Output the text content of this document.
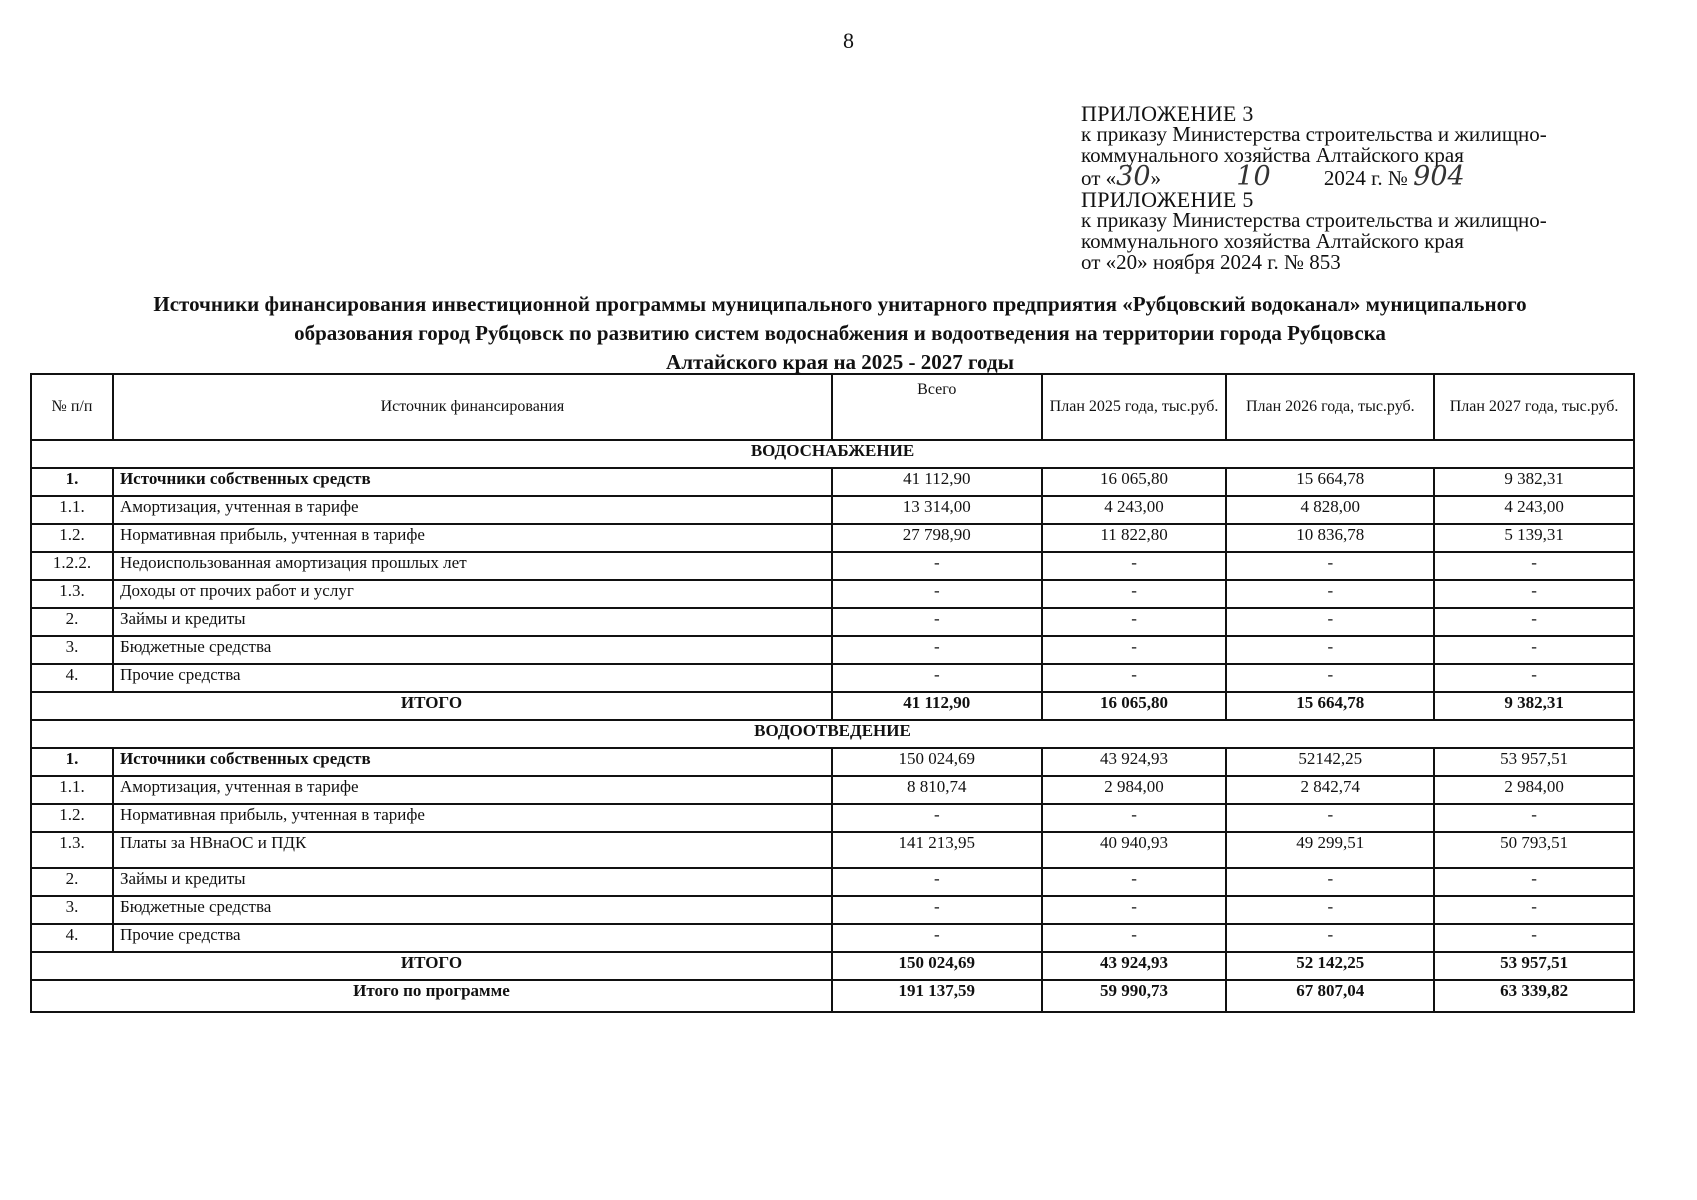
8
ПРИЛОЖЕНИЕ 3
к приказу Министерства строительства и жилищно-
коммунального хозяйства Алтайского края
от «30»	10	2024 г. № 904
ПРИЛОЖЕНИЕ 5
к приказу Министерства строительства и жилищно-
коммунального хозяйства Алтайского края
от «20» ноября 2024 г. № 853
Источники финансирования инвестиционной программы муниципального унитарного предприятия «Рубцовский водоканал» муниципального
образования город Рубцовск по развитию систем водоснабжения и водоотведения на территории города Рубцовска
Алтайского края на 2025 - 2027 годы
№ п/п	Источник финансирования	Всего	План 2025 года, тыс.руб.	План 2026 года, тыс.руб.	План 2027 года, тыс.руб.
ВОДОСНАБЖЕНИЕ					
1.	Источники собственных средств	41 112,90	16 065,80	15 664,78	9 382,31
1.1.	Амортизация, учтенная в тарифе	13 314,00	4 243,00	4 828,00	4 243,00
1.2.	Нормативная прибыль, учтенная в тарифе	27 798,90	11 822,80	10 836,78	5 139,31
1.2.2.	Недоиспользованная амортизация прошлых лет	-	-	-	-
1.3.	Доходы от прочих работ и услуг	-	-	-	-
2.	Займы и кредиты	-	-	-	-
3.	Бюджетные средства	-	-	-	-
4.	Прочие средства	-	-	-	-
ИТОГО		41 112,90	16 065,80	15 664,78	9 382,31
ВОДООТВЕДЕНИЕ					
1.	Источники собственных средств	150 024,69	43 924,93	52142,25	53 957,51
1.1.	Амортизация, учтенная в тарифе	8 810,74	2 984,00	2 842,74	2 984,00
1.2.	Нормативная прибыль, учтенная в тарифе	-	-	-	-
1.3.	Платы за НВнаОС и ПДК	141 213,95	40 940,93	49 299,51	50 793,51
2.	Займы и кредиты	-	-	-	-
3.	Бюджетные средства	-	-	-	-
4.	Прочие средства	-	-	-	-
ИТОГО		150 024,69	43 924,93	52 142,25	53 957,51
Итого по программе		191 137,59	59 990,73	67 807,04	63 339,82
